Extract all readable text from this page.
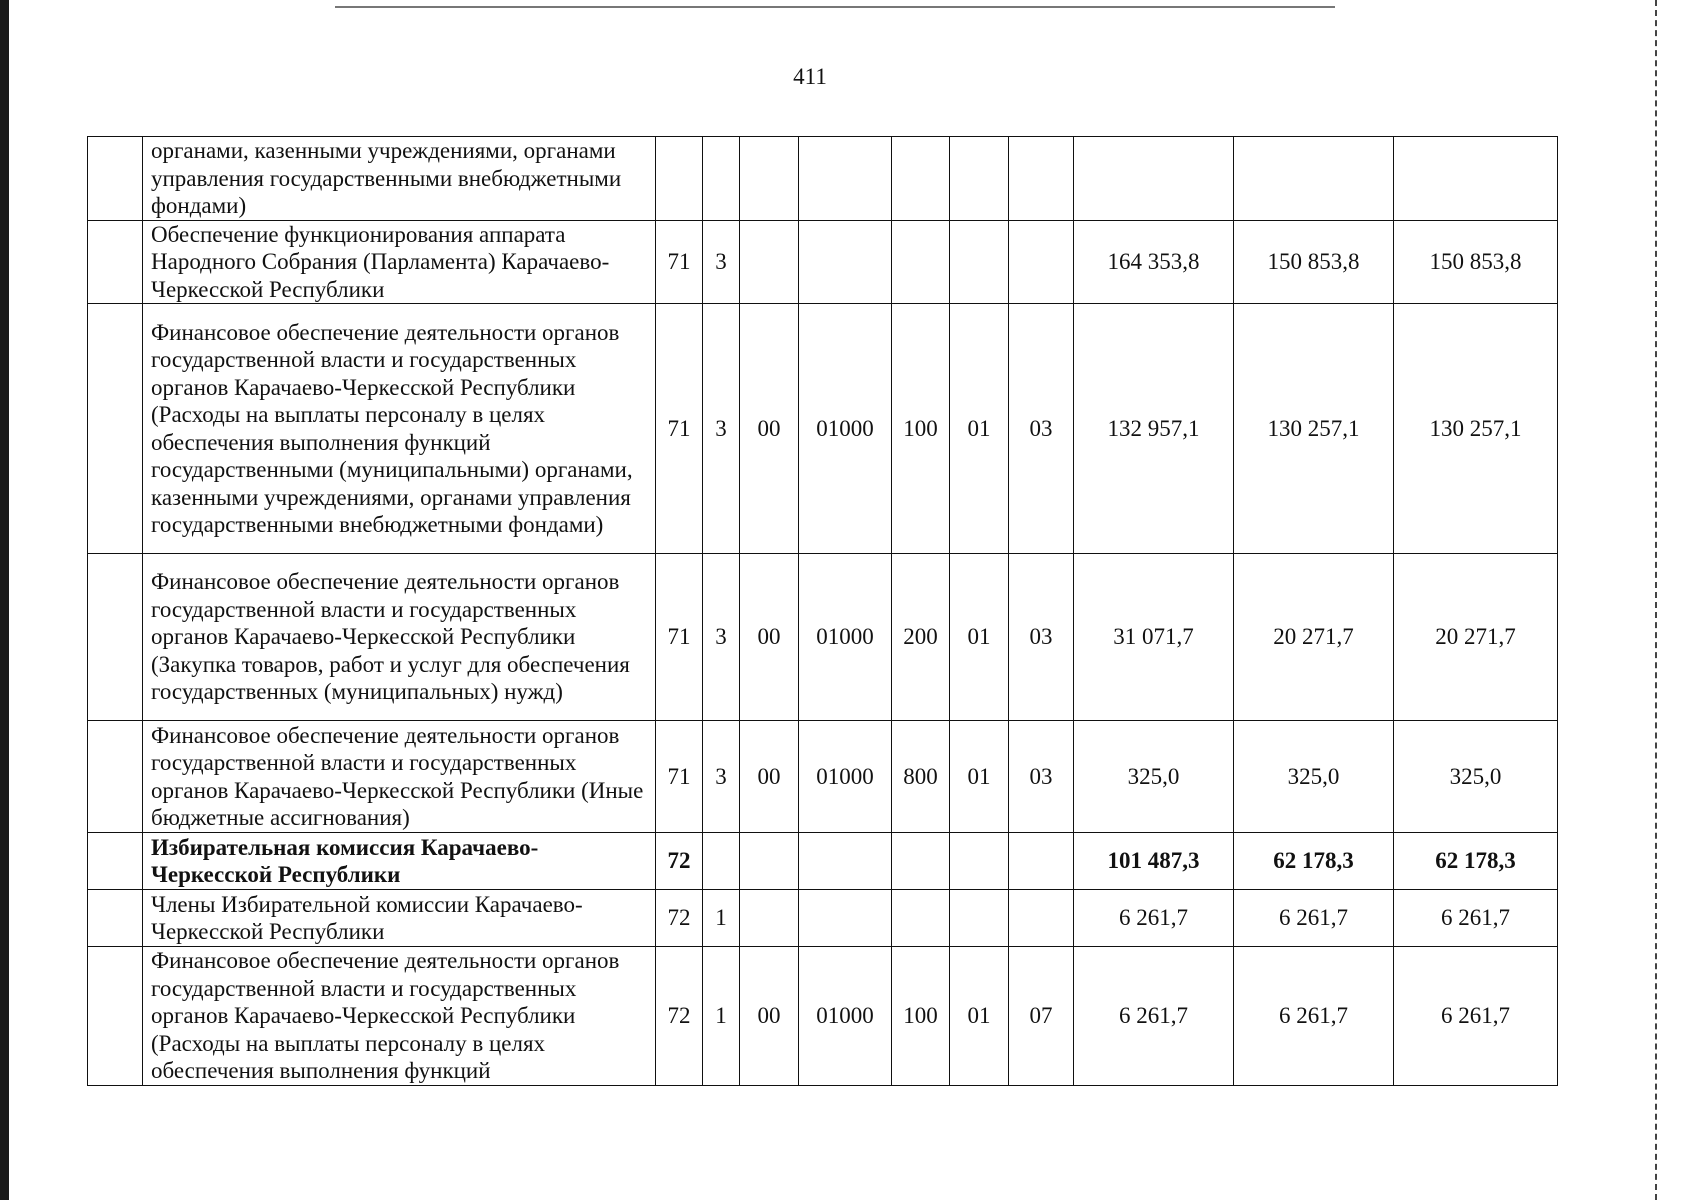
411
	органами, казенными учреждениями, органами управления государственными внебюджетными фондами)										
	Обеспечение функционирования аппарата Народного Собрания (Парламента) Карачаево-Черкесской Республики	71	3						164 353,8	150 853,8	150 853,8
	Финансовое обеспечение деятельности органов государственной власти и государственных органов Карачаево-Черкесской Республики (Расходы на выплаты персоналу в целях обеспечения выполнения функций государственными (муниципальными) органами, казенными учреждениями, органами управления государственными внебюджетными фондами)	71	3	00	01000	100	01	03	132 957,1	130 257,1	130 257,1
	Финансовое обеспечение деятельности органов государственной власти и государственных органов Карачаево-Черкесской Республики (Закупка товаров, работ и услуг для обеспечения государственных (муниципальных) нужд)	71	3	00	01000	200	01	03	31 071,7	20 271,7	20 271,7
	Финансовое обеспечение деятельности органов государственной власти и государственных органов Карачаево-Черкесской Республики (Иные бюджетные ассигнования)	71	3	00	01000	800	01	03	325,0	325,0	325,0
	Избирательная комиссия Карачаево-Черкесской Республики	72							101 487,3	62 178,3	62 178,3
	Члены Избирательной комиссии Карачаево-Черкесской Республики	72	1						6 261,7	6 261,7	6 261,7
	Финансовое обеспечение деятельности органов государственной власти и государственных органов Карачаево-Черкесской Республики (Расходы на выплаты персоналу в целях обеспечения выполнения функций	72	1	00	01000	100	01	07	6 261,7	6 261,7	6 261,7
